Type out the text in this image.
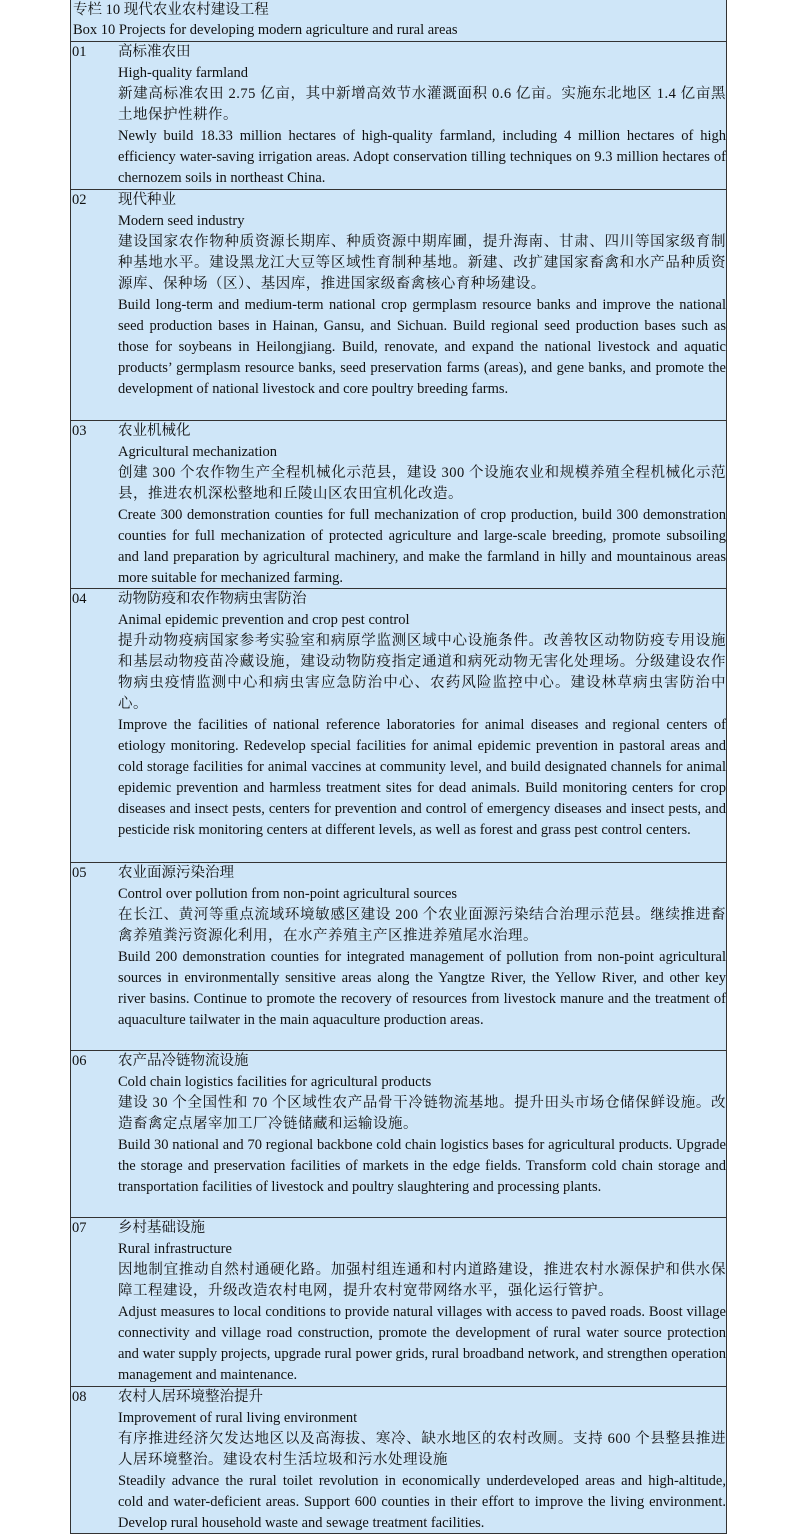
专栏 10 现代农业农村建设工程
Box 10 Projects for developing modern agriculture and rural areas
01	高标准农田
High-quality farmland
新建高标准农田 2.75 亿亩，其中新增高效节水灌溉面积 0.6 亿亩。实施东北地区 1.4 亿亩黑土地保护性耕作。
Newly build 18.33 million hectares of high-quality farmland, including 4 million hectares of high efficiency water-saving irrigation areas. Adopt conservation tilling techniques on 9.3 million hectares of chernozem soils in northeast China.
02	现代种业
Modern seed industry
建设国家农作物种质资源长期库、种质资源中期库圃，提升海南、甘肃、四川等国家级育制种基地水平。建设黑龙江大豆等区域性育制种基地。新建、改扩建国家畜禽和水产品种质资源库、保种场（区）、基因库，推进国家级畜禽核心育种场建设。
Build long-term and medium-term national crop germplasm resource banks and improve the national seed production bases in Hainan, Gansu, and Sichuan. Build regional seed production bases such as those for soybeans in Heilongjiang. Build, renovate, and expand the national livestock and aquatic products’ germplasm resource banks, seed preservation farms (areas), and gene banks, and promote the development of national livestock and core poultry breeding farms.
03	农业机械化
Agricultural mechanization
创建 300 个农作物生产全程机械化示范县，建设 300 个设施农业和规模养殖全程机械化示范县，推进农机深松整地和丘陵山区农田宜机化改造。
Create 300 demonstration counties for full mechanization of crop production, build 300 demonstration counties for full mechanization of protected agriculture and large-scale breeding, promote subsoiling and land preparation by agricultural machinery, and make the farmland in hilly and mountainous areas more suitable for mechanized farming.
04	动物防疫和农作物病虫害防治
Animal epidemic prevention and crop pest control
提升动物疫病国家参考实验室和病原学监测区域中心设施条件。改善牧区动物防疫专用设施和基层动物疫苗冷藏设施，建设动物防疫指定通道和病死动物无害化处理场。分级建设农作物病虫疫情监测中心和病虫害应急防治中心、农药风险监控中心。建设林草病虫害防治中心。
Improve the facilities of national reference laboratories for animal diseases and regional centers of etiology monitoring. Redevelop special facilities for animal epidemic prevention in pastoral areas and cold storage facilities for animal vaccines at community level, and build designated channels for animal epidemic prevention and harmless treatment sites for dead animals. Build monitoring centers for crop diseases and insect pests, centers for prevention and control of emergency diseases and insect pests, and pesticide risk monitoring centers at different levels, as well as forest and grass pest control centers.
05	农业面源污染治理
Control over pollution from non-point agricultural sources
在长江、黄河等重点流域环境敏感区建设 200 个农业面源污染结合治理示范县。继续推进畜禽养殖粪污资源化利用，在水产养殖主产区推进养殖尾水治理。
Build 200 demonstration counties for integrated management of pollution from non-point agricultural sources in environmentally sensitive areas along the Yangtze River, the Yellow River, and other key river basins. Continue to promote the recovery of resources from livestock manure and the treatment of aquaculture tailwater in the main aquaculture production areas.
06	农产品冷链物流设施
Cold chain logistics facilities for agricultural products
建设 30 个全国性和 70 个区域性农产品骨干冷链物流基地。提升田头市场仓储保鲜设施。改造畜禽定点屠宰加工厂冷链储藏和运输设施。
Build 30 national and 70 regional backbone cold chain logistics bases for agricultural products. Upgrade the storage and preservation facilities of markets in the edge fields. Transform cold chain storage and transportation facilities of livestock and poultry slaughtering and processing plants.
07	乡村基础设施
Rural infrastructure
因地制宜推动自然村通硬化路。加强村组连通和村内道路建设，推进农村水源保护和供水保障工程建设，升级改造农村电网，提升农村宽带网络水平，强化运行管护。
Adjust measures to local conditions to provide natural villages with access to paved roads. Boost village connectivity and village road construction, promote the development of rural water source protection and water supply projects, upgrade rural power grids, rural broadband network, and strengthen operation management and maintenance.
08	农村人居环境整治提升
Improvement of rural living environment
有序推进经济欠发达地区以及高海拔、寒冷、缺水地区的农村改厕。支持 600 个县整县推进人居环境整治。建设农村生活垃圾和污水处理设施
Steadily advance the rural toilet revolution in economically underdeveloped areas and high-altitude, cold and water-deficient areas. Support 600 counties in their effort to improve the living environment. Develop rural household waste and sewage treatment facilities.
